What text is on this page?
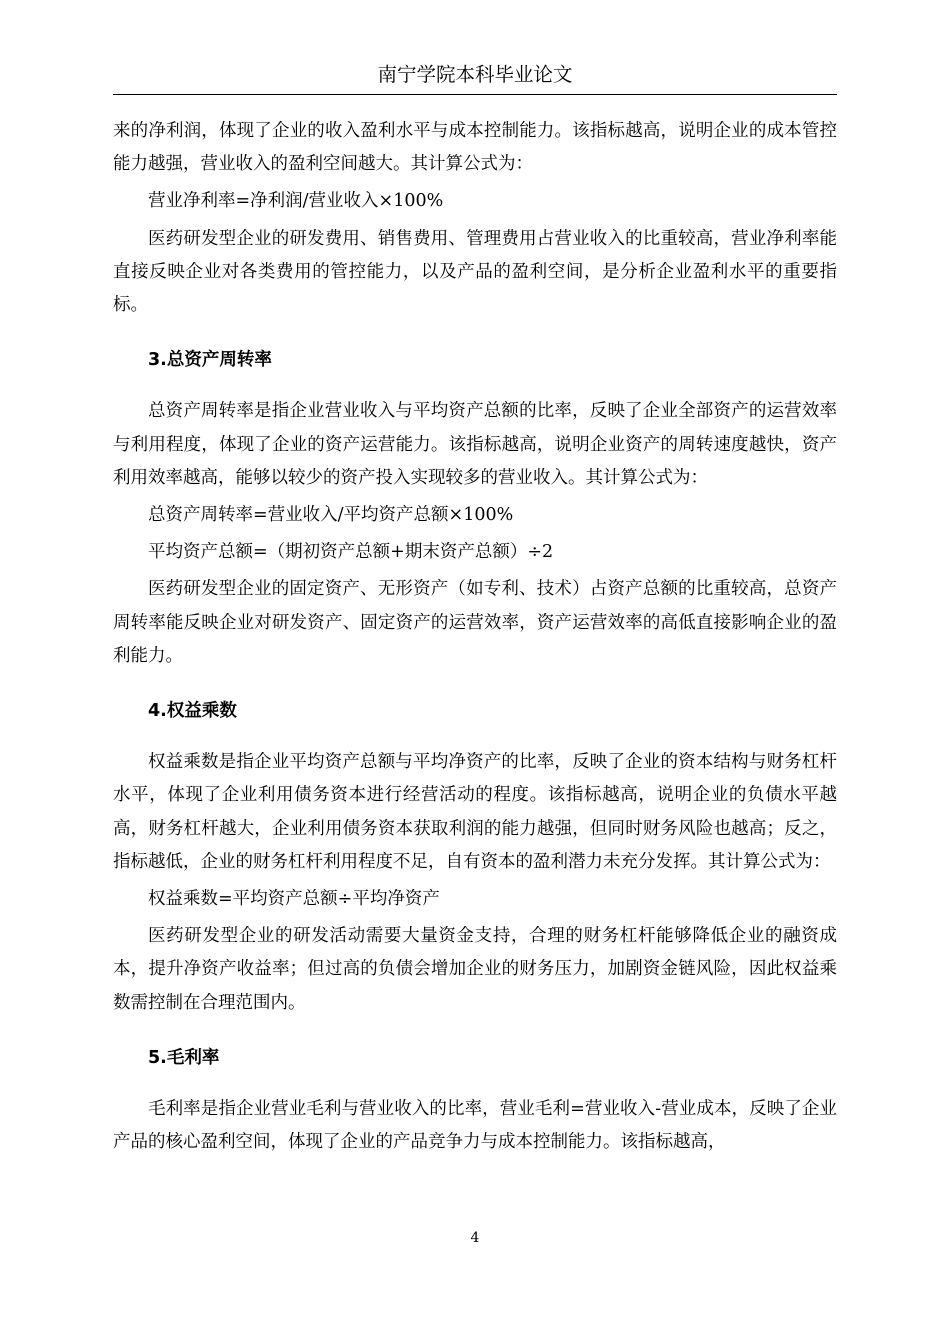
南宁学院本科毕业论文

来的净利润，体现了企业的收入盈利水平与成本控制能力。该指标越高，说明企业的成本管控能力越强，营业收入的盈利空间越大。其计算公式为：

营业净利率=净利润/营业收入×100%

医药研发型企业的研发费用、销售费用、管理费用占营业收入的比重较高，营业净利率能直接反映企业对各类费用的管控能力，以及产品的盈利空间，是分析企业盈利水平的重要指标。

3.总资产周转率

总资产周转率是指企业营业收入与平均资产总额的比率，反映了企业全部资产的运营效率与利用程度，体现了企业的资产运营能力。该指标越高，说明企业资产的周转速度越快，资产利用效率越高，能够以较少的资产投入实现较多的营业收入。其计算公式为：

总资产周转率=营业收入/平均资产总额×100%

平均资产总额=（期初资产总额+期末资产总额）÷2

医药研发型企业的固定资产、无形资产（如专利、技术）占资产总额的比重较高，总资产周转率能反映企业对研发资产、固定资产的运营效率，资产运营效率的高低直接影响企业的盈利能力。

4.权益乘数

权益乘数是指企业平均资产总额与平均净资产的比率，反映了企业的资本结构与财务杠杆水平，体现了企业利用债务资本进行经营活动的程度。该指标越高，说明企业的负债水平越高，财务杠杆越大，企业利用债务资本获取利润的能力越强，但同时财务风险也越高；反之，指标越低，企业的财务杠杆利用程度不足，自有资本的盈利潜力未充分发挥。其计算公式为：

权益乘数=平均资产总额÷平均净资产

医药研发型企业的研发活动需要大量资金支持，合理的财务杠杆能够降低企业的融资成本，提升净资产收益率；但过高的负债会增加企业的财务压力，加剧资金链风险，因此权益乘数需控制在合理范围内。

5.毛利率

毛利率是指企业营业毛利与营业收入的比率，营业毛利=营业收入-营业成本，反映了企业产品的核心盈利空间，体现了企业的产品竞争力与成本控制能力。该指标越高，

4
